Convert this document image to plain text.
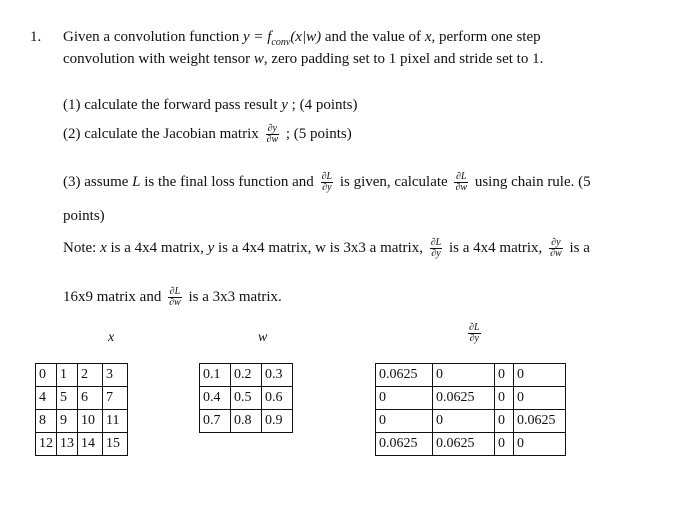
1. Given a convolution function $y = f_{conv}(x|w)$ and the value of x, perform one step
convolution with weight tensor w, zero padding set to 1 pixel and stride set to 1.
(1) calculate the forward pass result y ; (4 points)
(2) calculate the Jacobian matrix $\frac{\partial y}{\partial w}$ ; (5 points)
(3) assume L is the final loss function and $\frac{\partial L}{\partial y}$ is given, calculate $\frac{\partial L}{\partial w}$ using chain rule. (5
points)
Note: x is a 4x4 matrix, y is a 4x4 matrix, w is 3x3 a matrix, $\frac{\partial L}{\partial y}$ is a 4x4 matrix, $\frac{\partial y}{\partial w}$ is a
16x9 matrix and $\frac{\partial L}{\partial w}$ is a 3x3 matrix.
x	w	$\frac{\partial L}{\partial y}$
0	1	2	3
4	5	6	7
8	9	10	11
12	13	14	15
0.1	0.2	0.3
0.4	0.5	0.6
0.7	0.8	0.9
0.0625	0	0	0
0	0.0625	0	0
0	0	0	0.0625
0.0625	0.0625	0	0
